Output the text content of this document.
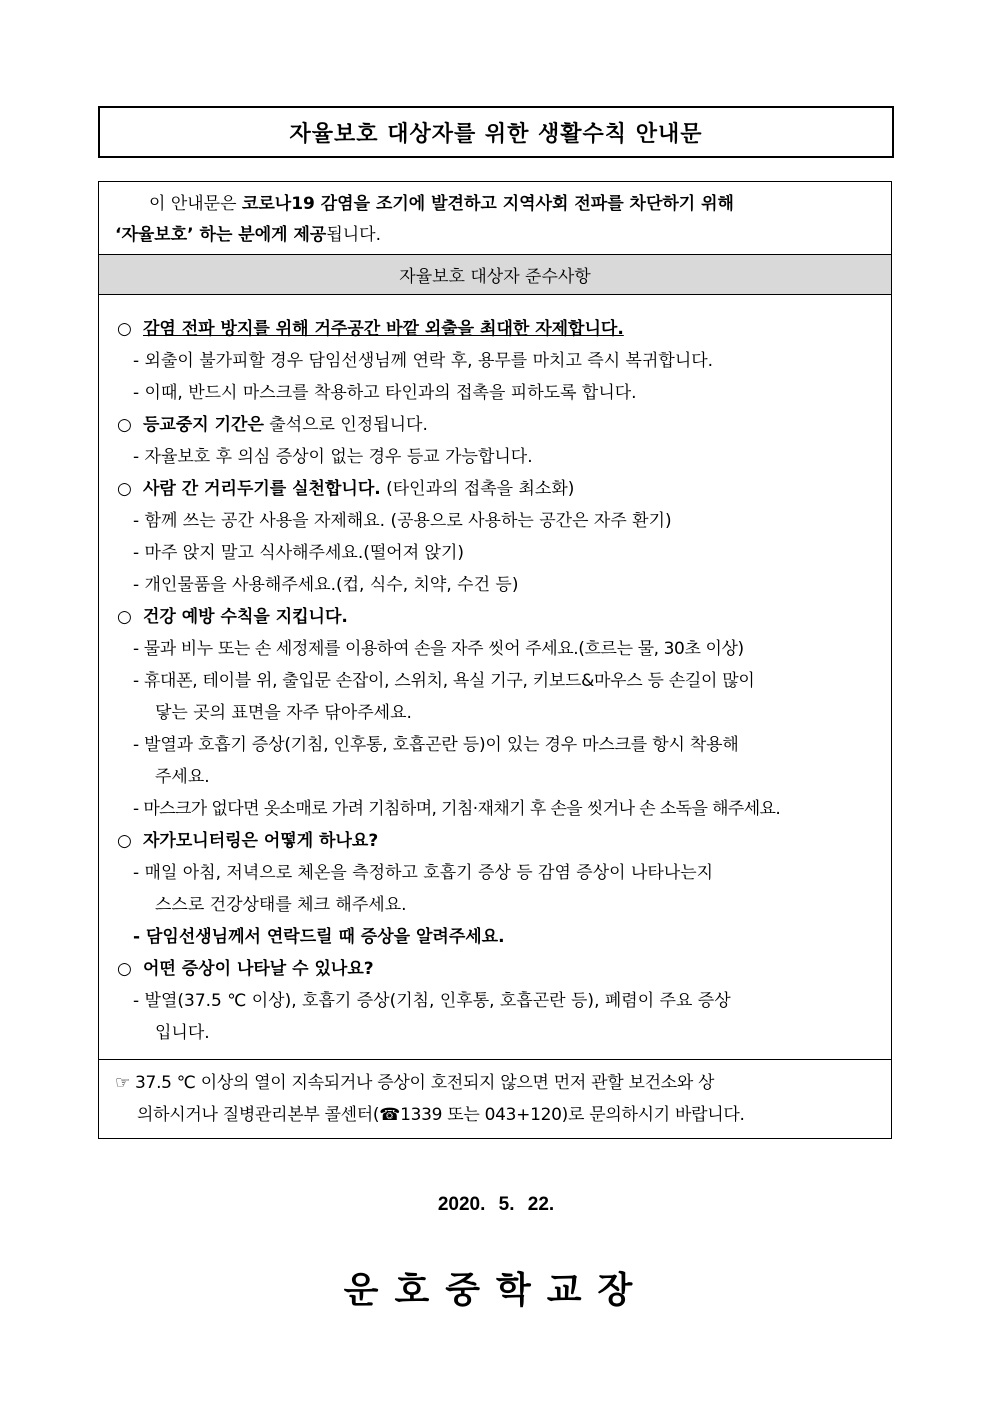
자율보호 대상자를 위한 생활수칙 안내문
이 안내문은 코로나19 감염을 조기에 발견하고 지역사회 전파를 차단하기 위해
‘자율보호’ 하는 분에게 제공됩니다.
자율보호 대상자 준수사항
○ 감염 전파 방지를 위해 거주공간 바깥 외출을 최대한 자제합니다.
- 외출이 불가피할 경우 담임선생님께 연락 후, 용무를 마치고 즉시 복귀합니다.
- 이때, 반드시 마스크를 착용하고 타인과의 접촉을 피하도록 합니다.
○ 등교중지 기간은 출석으로 인정됩니다.
- 자율보호 후 의심 증상이 없는 경우 등교 가능합니다.
○ 사람 간 거리두기를 실천합니다. (타인과의 접촉을 최소화)
- 함께 쓰는 공간 사용을 자제해요. (공용으로 사용하는 공간은 자주 환기)
- 마주 앉지 말고 식사해주세요.(떨어져 앉기)
- 개인물품을 사용해주세요.(컵, 식수, 치약, 수건 등)
○ 건강 예방 수칙을 지킵니다.
- 물과 비누 또는 손 세정제를 이용하여 손을 자주 씻어 주세요.(흐르는 물, 30초 이상)
- 휴대폰, 테이블 위, 출입문 손잡이, 스위치, 욕실 기구, 키보드&마우스 등 손길이 많이
닿는 곳의 표면을 자주 닦아주세요.
- 발열과 호흡기 증상(기침, 인후통, 호흡곤란 등)이 있는 경우 마스크를 항시 착용해
주세요.
- 마스크가 없다면 옷소매로 가려 기침하며, 기침·재채기 후 손을 씻거나 손 소독을 해주세요.
○ 자가모니터링은 어떻게 하나요?
- 매일 아침, 저녁으로 체온을 측정하고 호흡기 증상 등 감염 증상이 나타나는지
스스로 건강상태를 체크 해주세요.
- 담임선생님께서 연락드릴 때 증상을 알려주세요.
○ 어떤 증상이 나타날 수 있나요?
- 발열(37.5 ℃ 이상), 호흡기 증상(기침, 인후통, 호흡곤란 등), 폐렴이 주요 증상
입니다.
☞ 37.5 ℃ 이상의 열이 지속되거나 증상이 호전되지 않으면 먼저 관할 보건소와 상
의하시거나 질병관리본부 콜센터(☎1339 또는 043+120)로 문의하시기 바랍니다.
2020. 5. 22.
운호중학교장
